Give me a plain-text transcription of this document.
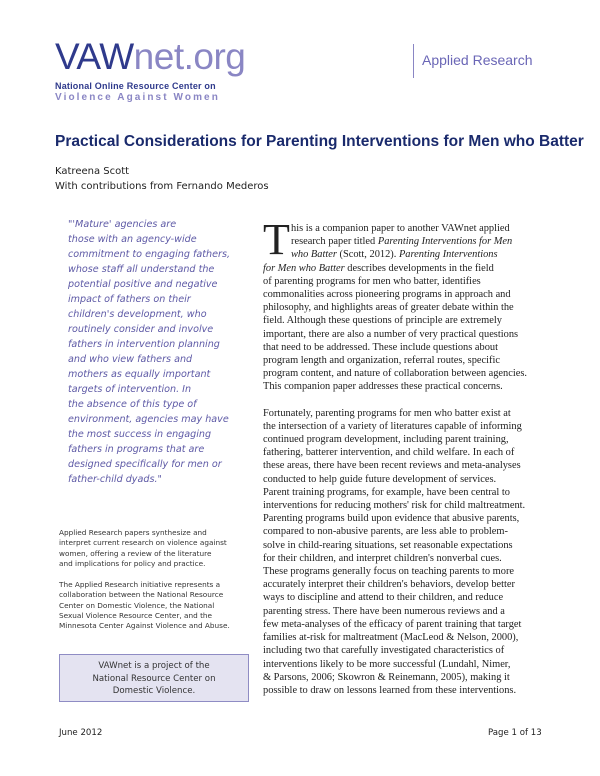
VAWnet.org
National Online Resource Center on
Violence Against Women
Applied Research
Practical Considerations for Parenting Interventions for Men who Batter
Katreena Scott
With contributions from Fernando Mederos
"'Mature' agencies are
those with an agency-wide
commitment to engaging fathers,
whose staff all understand the
potential positive and negative
impact of fathers on their
children's development, who
routinely consider and involve
fathers in intervention planning
and who view fathers and
mothers as equally important
targets of intervention. In
the absence of this type of
environment, agencies may have
the most success in engaging
fathers in programs that are
designed specifically for men or
father-child dyads."
Applied Research papers synthesize and
interpret current research on violence against
women, offering a review of the literature
and implications for policy and practice.
The Applied Research initiative represents a
collaboration between the National Resource
Center on Domestic Violence, the National
Sexual Violence Resource Center, and the
Minnesota Center Against Violence and Abuse.
VAWnet is a project of the
National Resource Center on
Domestic Violence.
T his is a companion paper to another VAWnet applied
research paper titled Parenting Interventions for Men
who Batter (Scott, 2012). Parenting Interventions
for Men who Batter describes developments in the field
of parenting programs for men who batter, identifies
commonalities across pioneering programs in approach and
philosophy, and highlights areas of greater debate within the
field. Although these questions of principle are extremely
important, there are also a number of very practical questions
that need to be addressed. These include questions about
program length and organization, referral routes, specific
program content, and nature of collaboration between agencies.
This companion paper addresses these practical concerns.
Fortunately, parenting programs for men who batter exist at
the intersection of a variety of literatures capable of informing
continued program development, including parent training,
fathering, batterer intervention, and child welfare. In each of
these areas, there have been recent reviews and meta-analyses
conducted to help guide future development of services.
Parent training programs, for example, have been central to
interventions for reducing mothers' risk for child maltreatment.
Parenting programs build upon evidence that abusive parents,
compared to non-abusive parents, are less able to problem-
solve in child-rearing situations, set reasonable expectations
for their children, and interpret children's nonverbal cues.
These programs generally focus on teaching parents to more
accurately interpret their children's behaviors, develop better
ways to discipline and attend to their children, and reduce
parenting stress. There have been numerous reviews and a
few meta-analyses of the efficacy of parent training that target
families at-risk for maltreatment (MacLeod & Nelson, 2000),
including two that carefully investigated characteristics of
interventions likely to be more successful (Lundahl, Nimer,
& Parsons, 2006; Skowron & Reinemann, 2005), making it
possible to draw on lessons learned from these interventions.
June 2012	Page 1 of 13
